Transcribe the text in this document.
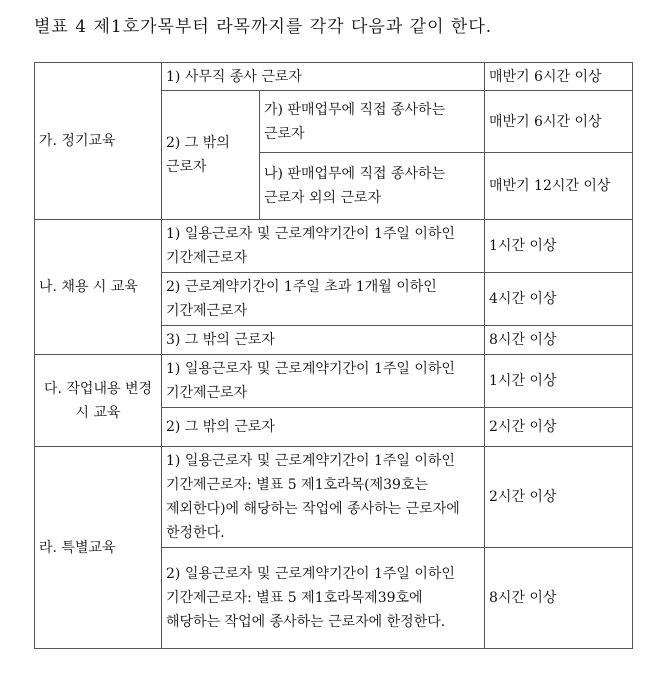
별표 4 제1호가목부터 라목까지를 각각 다음과 같이 한다.
가. 정기교육	1) 사무직 종사 근로자		매반기 6시간 이상
	2) 그 밖의 근로자	가) 판매업무에 직접 종사하는 근로자	매반기 6시간 이상
		나) 판매업무에 직접 종사하는 근로자 외의 근로자	매반기 12시간 이상
나. 채용 시 교육	1) 일용근로자 및 근로계약기간이 1주일 이하인 기간제근로자		1시간 이상
	2) 근로계약기간이 1주일 초과 1개월 이하인 기간제근로자		4시간 이상
	3) 그 밖의 근로자		8시간 이상
다. 작업내용 변경 시 교육	1) 일용근로자 및 근로계약기간이 1주일 이하인 기간제근로자		1시간 이상
	2) 그 밖의 근로자		2시간 이상
라. 특별교육	1) 일용근로자 및 근로계약기간이 1주일 이하인 기간제근로자: 별표 5 제1호라목(제39호는 제외한다)에 해당하는 작업에 종사하는 근로자에 한정한다.		2시간 이상
	2) 일용근로자 및 근로계약기간이 1주일 이하인 기간제근로자: 별표 5 제1호라목제39호에 해당하는 작업에 종사하는 근로자에 한정한다.		8시간 이상
